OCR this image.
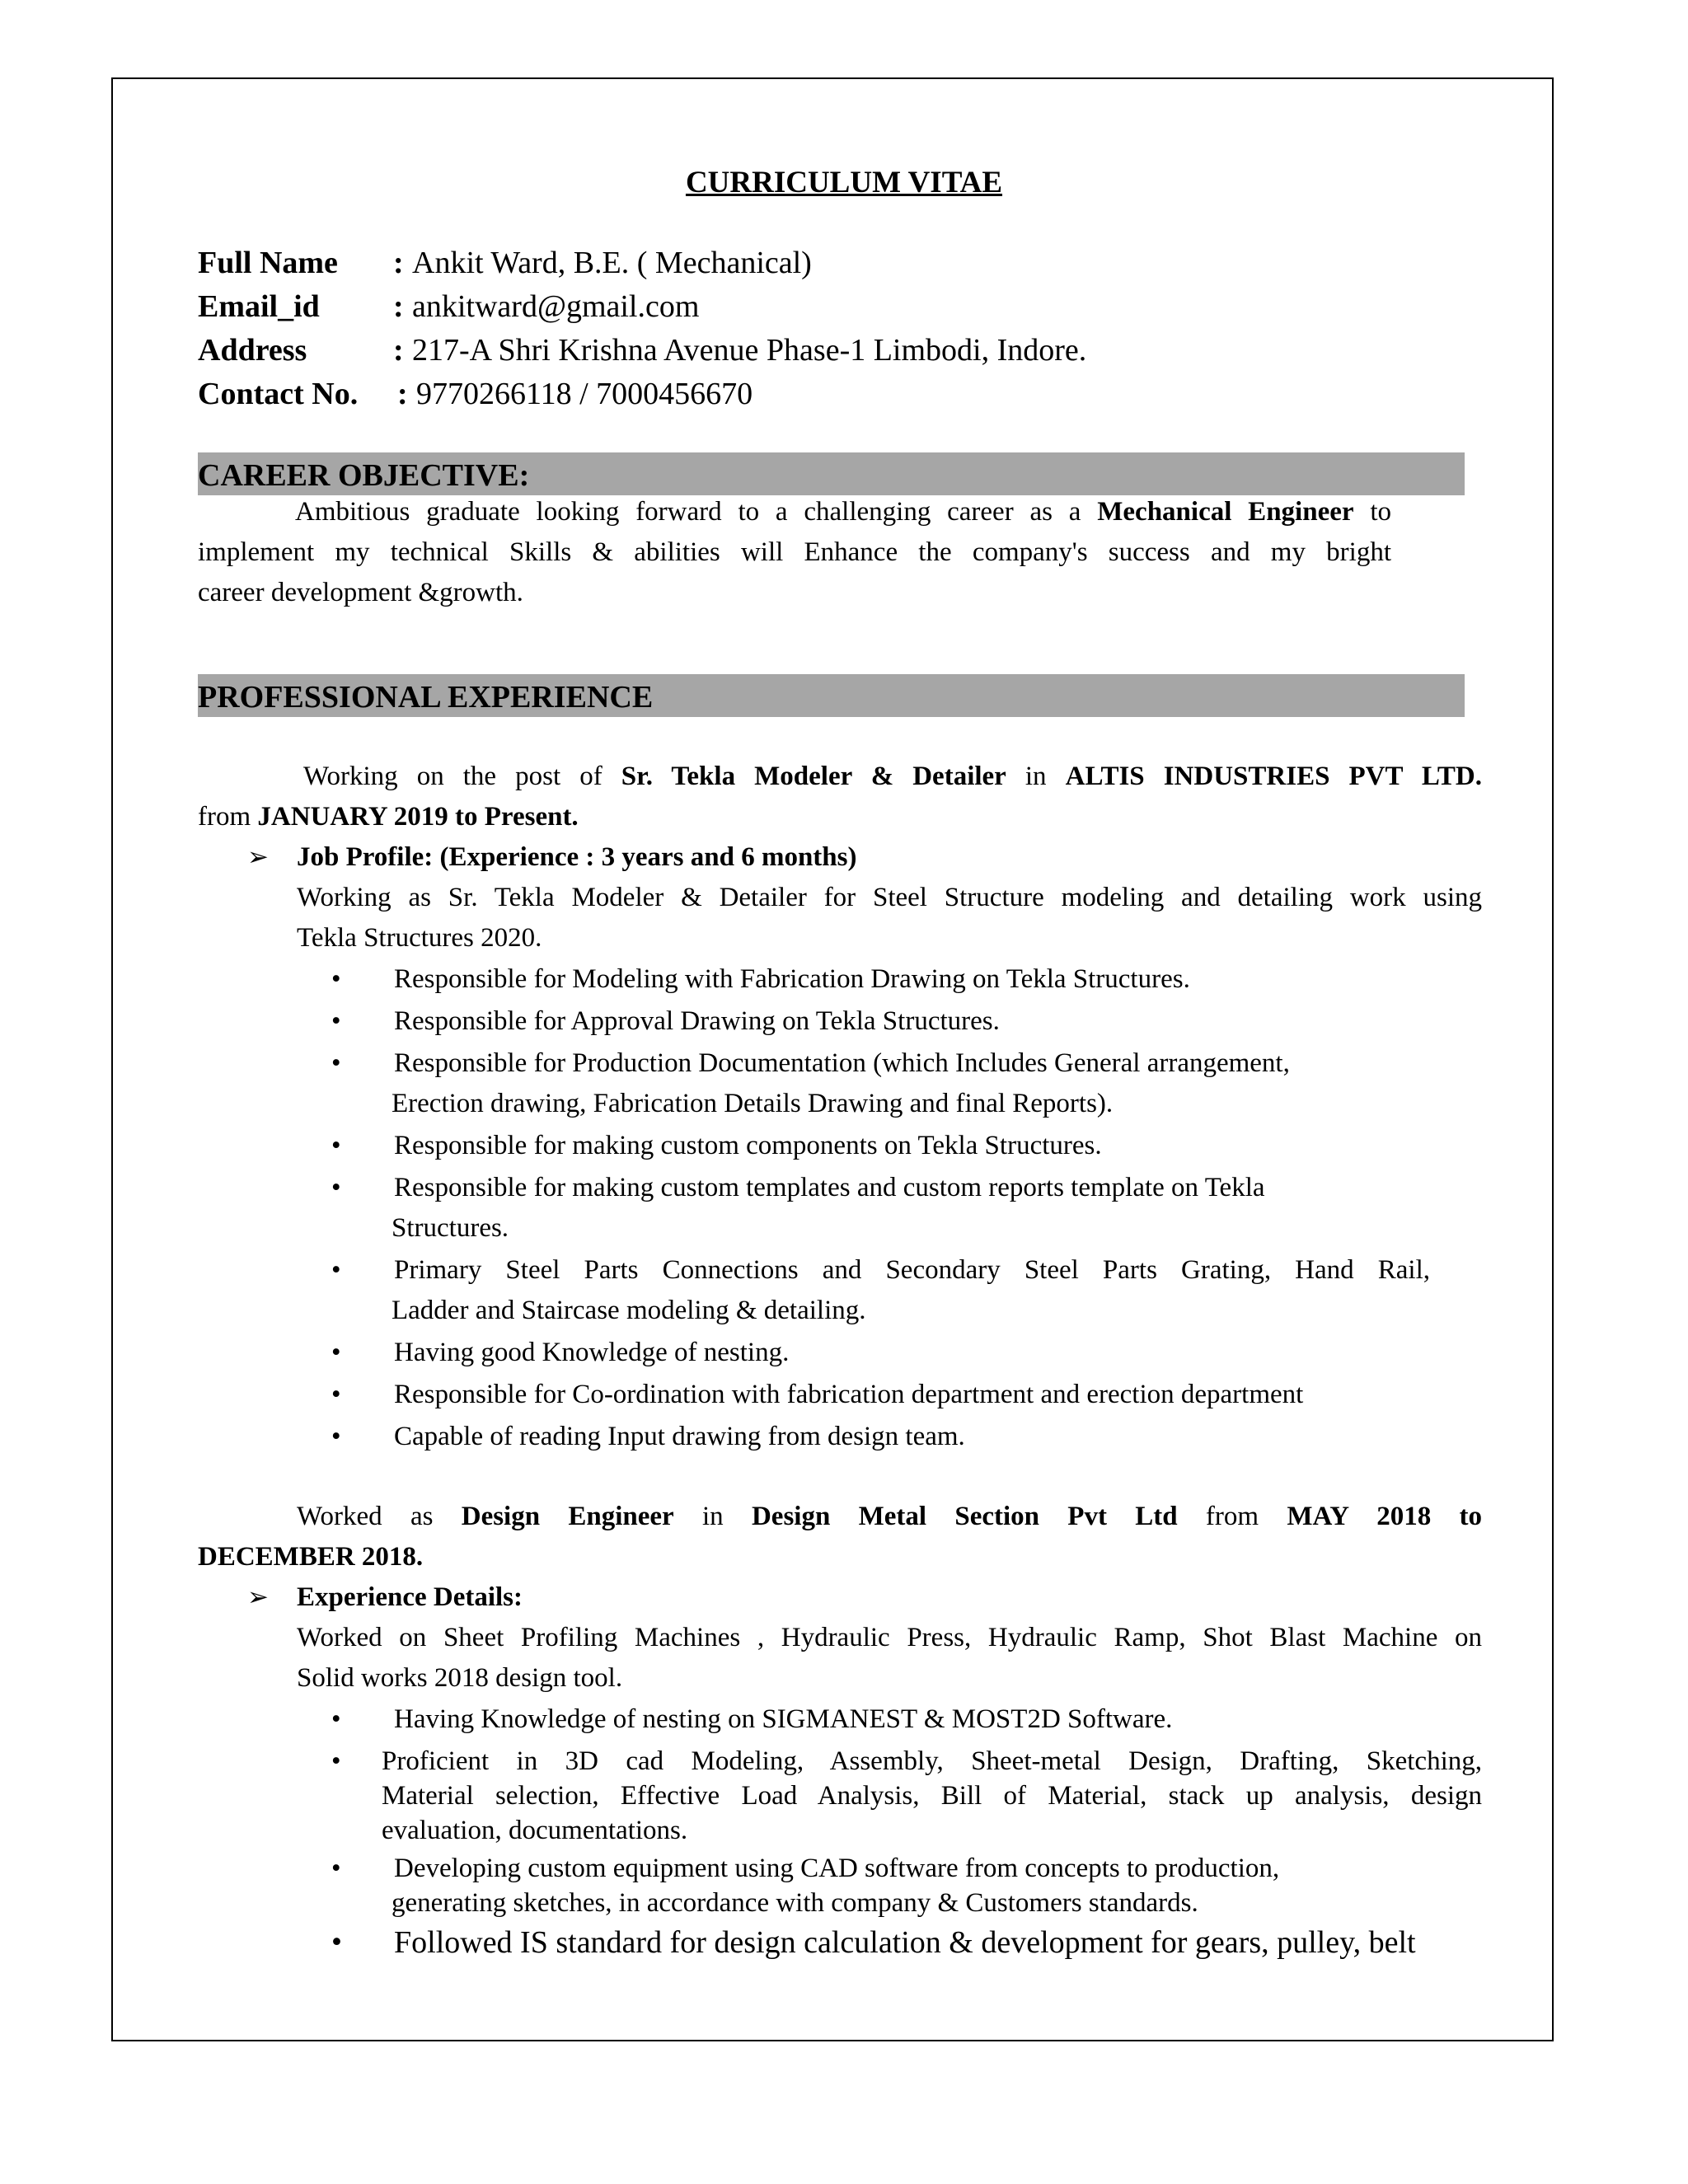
CURRICULUM VITAE
Full Name : Ankit Ward, B.E. ( Mechanical)
Email_id : ankitward@gmail.com
Address	: 217-A Shri Krishna Avenue Phase-1 Limbodi, Indore.
Contact No. : 9770266118 / 7000456670
CAREER OBJECTIVE:
Ambitious graduate looking forward to a challenging career as a Mechanical Engineer to
implement my technical Skills & abilities will Enhance the company's success and my bright
career development &growth.
PROFESSIONAL EXPERIENCE
Working on the post of Sr. Tekla Modeler & Detailer in ALTIS INDUSTRIES PVT LTD.
from JANUARY 2019 to Present.
➢ Job Profile: (Experience : 3 years and 6 months)
Working as Sr. Tekla Modeler & Detailer for Steel Structure modeling and detailing work using
Tekla Structures 2020.
• Responsible for Modeling with Fabrication Drawing on Tekla Structures.
• Responsible for Approval Drawing on Tekla Structures.
• Responsible for Production Documentation (which Includes General arrangement,
Erection drawing, Fabrication Details Drawing and final Reports).
• Responsible for making custom components on Tekla Structures.
• Responsible for making custom templates and custom reports template on Tekla
Structures.
• Primary Steel Parts Connections and Secondary Steel Parts Grating, Hand Rail,
Ladder and Staircase modeling & detailing.
• Having good Knowledge of nesting.
• Responsible for Co-ordination with fabrication department and erection department
• Capable of reading Input drawing from design team.
Worked as Design Engineer in Design Metal Section Pvt Ltd from MAY 2018 to
DECEMBER 2018.
➢ Experience Details:
Worked on Sheet Profiling Machines , Hydraulic Press, Hydraulic Ramp, Shot Blast Machine on
Solid works 2018 design tool.
• Having Knowledge of nesting on SIGMANEST & MOST2D Software.
• Proficient in 3D cad Modeling, Assembly, Sheet-metal Design, Drafting, Sketching,
Material selection, Effective Load Analysis, Bill of Material, stack up analysis, design
evaluation, documentations.
• Developing custom equipment using CAD software from concepts to production,
generating sketches, in accordance with company & Customers standards.
• Followed IS standard for design calculation & development for gears, pulley, belt
